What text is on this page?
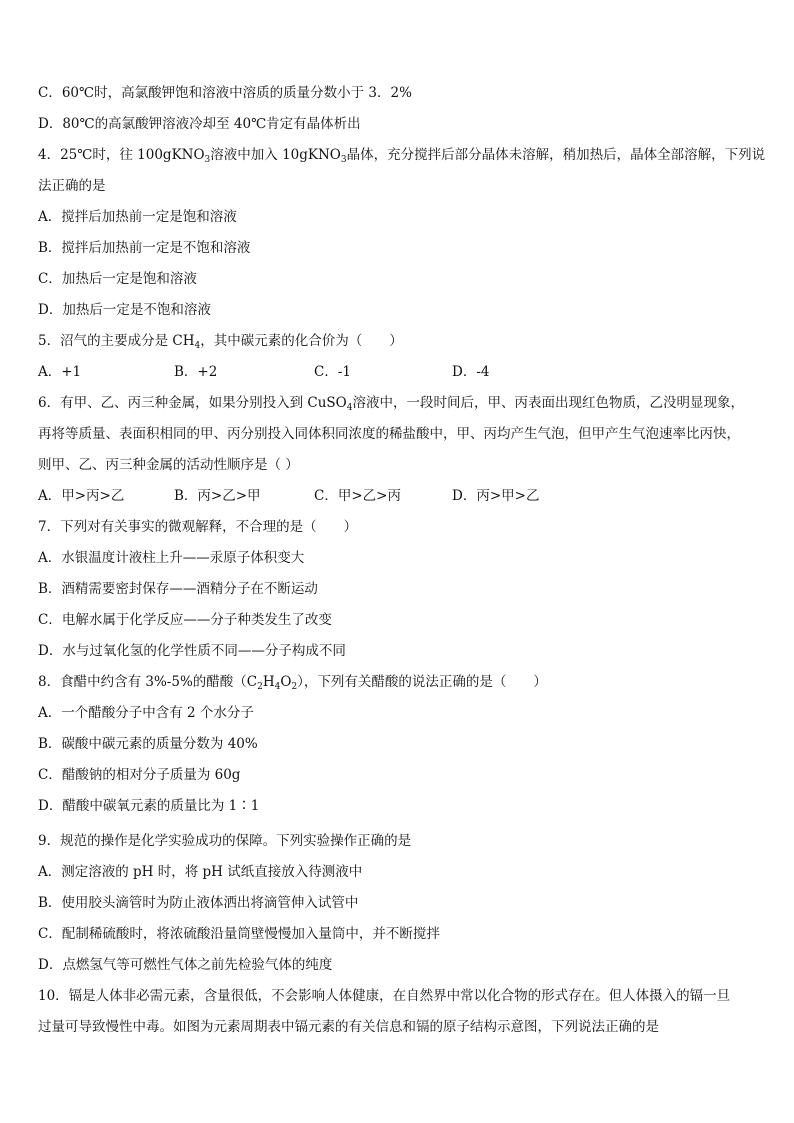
C．60℃时，高氯酸钾饱和溶液中溶质的质量分数小于 3．2%
D．80℃的高氯酸钾溶液冷却至 40℃肯定有晶体析出
4．25℃时，往 100gKNO$_3$溶液中加入 10gKNO$_3$晶体，充分搅拌后部分晶体未溶解，稍加热后，晶体全部溶解，下列说
法正确的是
A．搅拌后加热前一定是饱和溶液
B．搅拌后加热前一定是不饱和溶液
C．加热后一定是饱和溶液
D．加热后一定是不饱和溶液
5．沼气的主要成分是 $CH_4$，其中碳元素的化合价为（　　）
A．+1	B．+2	C．-1	D．-4
6．有甲、乙、丙三种金属，如果分别投入到 CuSO$_4$溶液中，一段时间后，甲、丙表面出现红色物质，乙没明显现象，
再将等质量、表面积相同的甲、丙分别投入同体积同浓度的稀盐酸中，甲、丙均产生气泡，但甲产生气泡速率比丙快，
则甲、乙、丙三种金属的活动性顺序是（ ）
A．甲>丙>乙	B．丙>乙>甲	C．甲>乙>丙	D．丙>甲>乙
7．下列对有关事实的微观解释，不合理的是（　　）
A．水银温度计液柱上升——汞原子体积变大
B．酒精需要密封保存——酒精分子在不断运动
C．电解水属于化学反应——分子种类发生了改变
D．水与过氧化氢的化学性质不同——分子构成不同
8．食醋中约含有 3%-5%的醋酸$(C_2H_4O_2)$，下列有关醋酸的说法正确的是（　　）
A．一个醋酸分子中含有 2 个水分子
B．碳酸中碳元素的质量分数为 40%
C．醋酸钠的相对分子质量为 60g
D．醋酸中碳氧元素的质量比为 1∶1
9．规范的操作是化学实验成功的保障。下列实验操作正确的是
A．测定溶液的 pH 时，将 pH 试纸直接放入待测液中
B．使用胶头滴管时为防止液体洒出将滴管伸入试管中
C．配制稀硫酸时，将浓硫酸沿量筒壁慢慢加入量筒中，并不断搅拌
D．点燃氢气等可燃性气体之前先检验气体的纯度
10．镉是人体非必需元素，含量很低，不会影响人体健康，在自然界中常以化合物的形式存在。但人体摄入的镉一旦
过量可导致慢性中毒。如图为元素周期表中镉元素的有关信息和镉的原子结构示意图，下列说法正确的是
